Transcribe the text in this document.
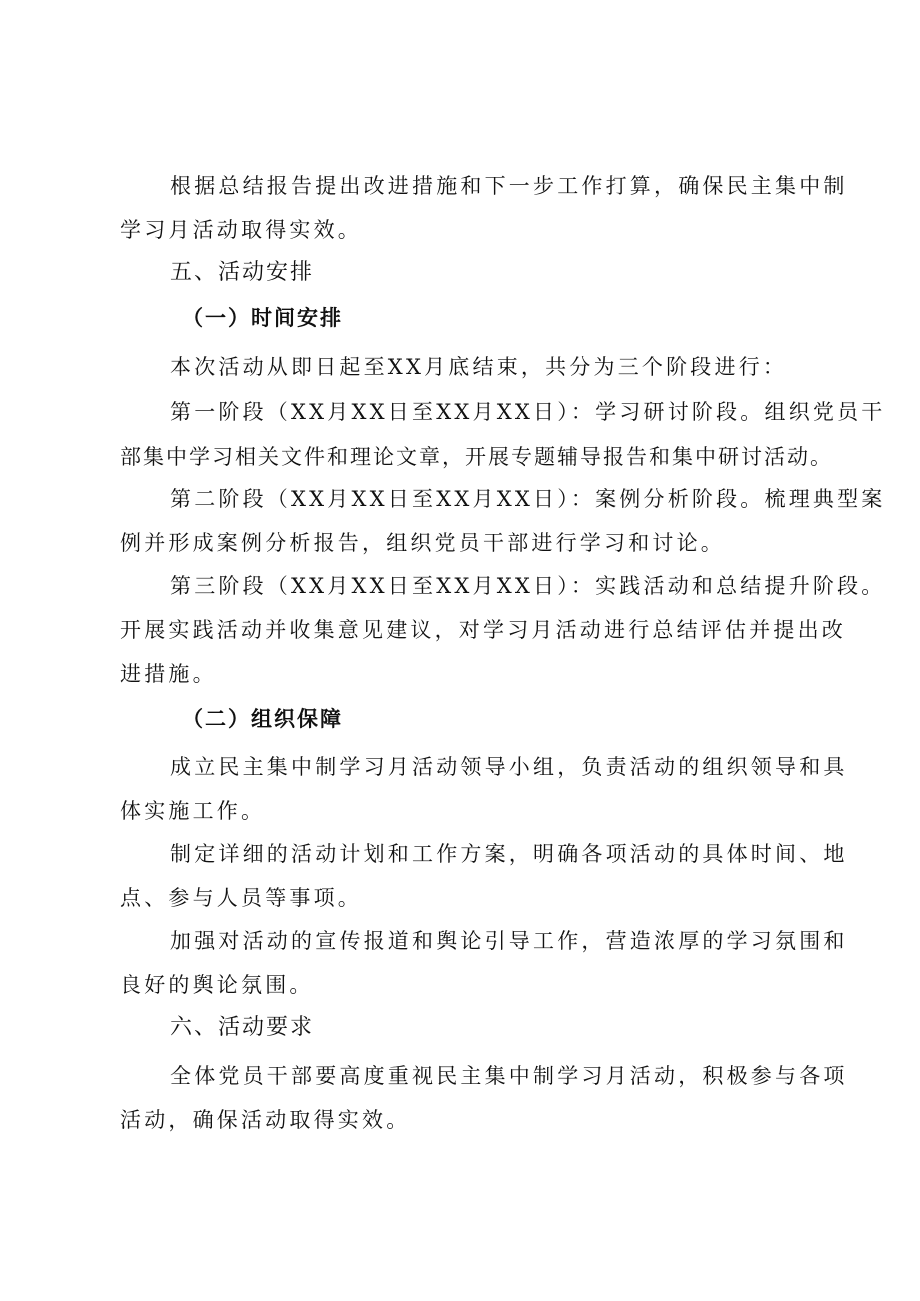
根据总结报告提出改进措施和下一步工作打算，确保民主集中制
学习月活动取得实效。
五、活动安排
（一）时间安排
本次活动从即日起至XX月底结束，共分为三个阶段进行：
第一阶段（XX月XX日至XX月XX日）：学习研讨阶段。组织党员干
部集中学习相关文件和理论文章，开展专题辅导报告和集中研讨活动。
第二阶段（XX月XX日至XX月XX日）：案例分析阶段。梳理典型案
例并形成案例分析报告，组织党员干部进行学习和讨论。
第三阶段（XX月XX日至XX月XX日）：实践活动和总结提升阶段。
开展实践活动并收集意见建议，对学习月活动进行总结评估并提出改
进措施。
（二）组织保障
成立民主集中制学习月活动领导小组，负责活动的组织领导和具
体实施工作。
制定详细的活动计划和工作方案，明确各项活动的具体时间、地
点、参与人员等事项。
加强对活动的宣传报道和舆论引导工作，营造浓厚的学习氛围和
良好的舆论氛围。
六、活动要求
全体党员干部要高度重视民主集中制学习月活动，积极参与各项
活动，确保活动取得实效。
